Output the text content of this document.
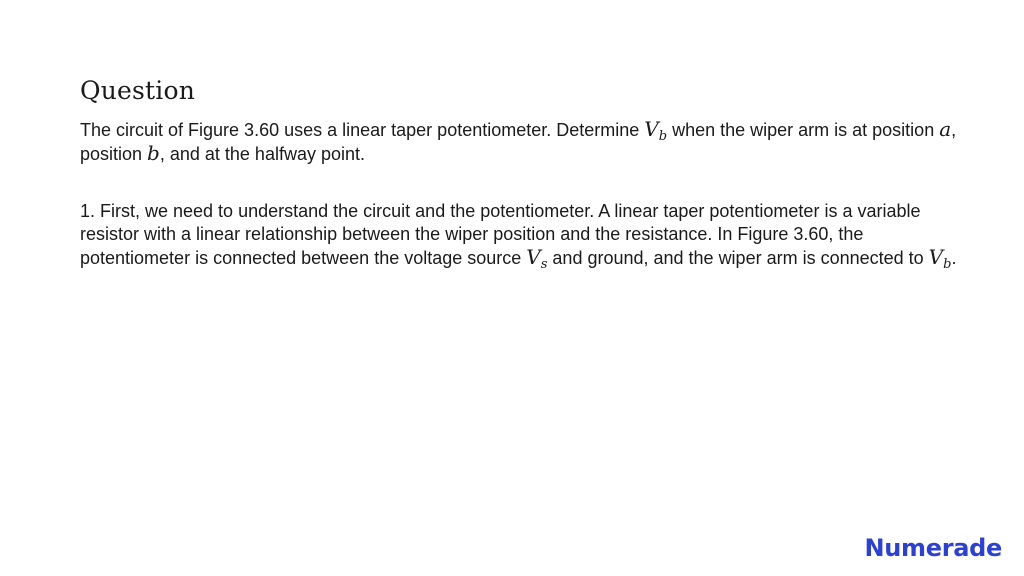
Question

The circuit of Figure 3.60 uses a linear taper potentiometer. Determine $V_b$ when the wiper arm is at position a, position b, and at the halfway point.

1. First, we need to understand the circuit and the potentiometer. A linear taper potentiometer is a variable resistor with a linear relationship between the wiper position and the resistance. In Figure 3.60, the potentiometer is connected between the voltage source $V_s$ and ground, and the wiper arm is connected to $V_b$.

Numerade
